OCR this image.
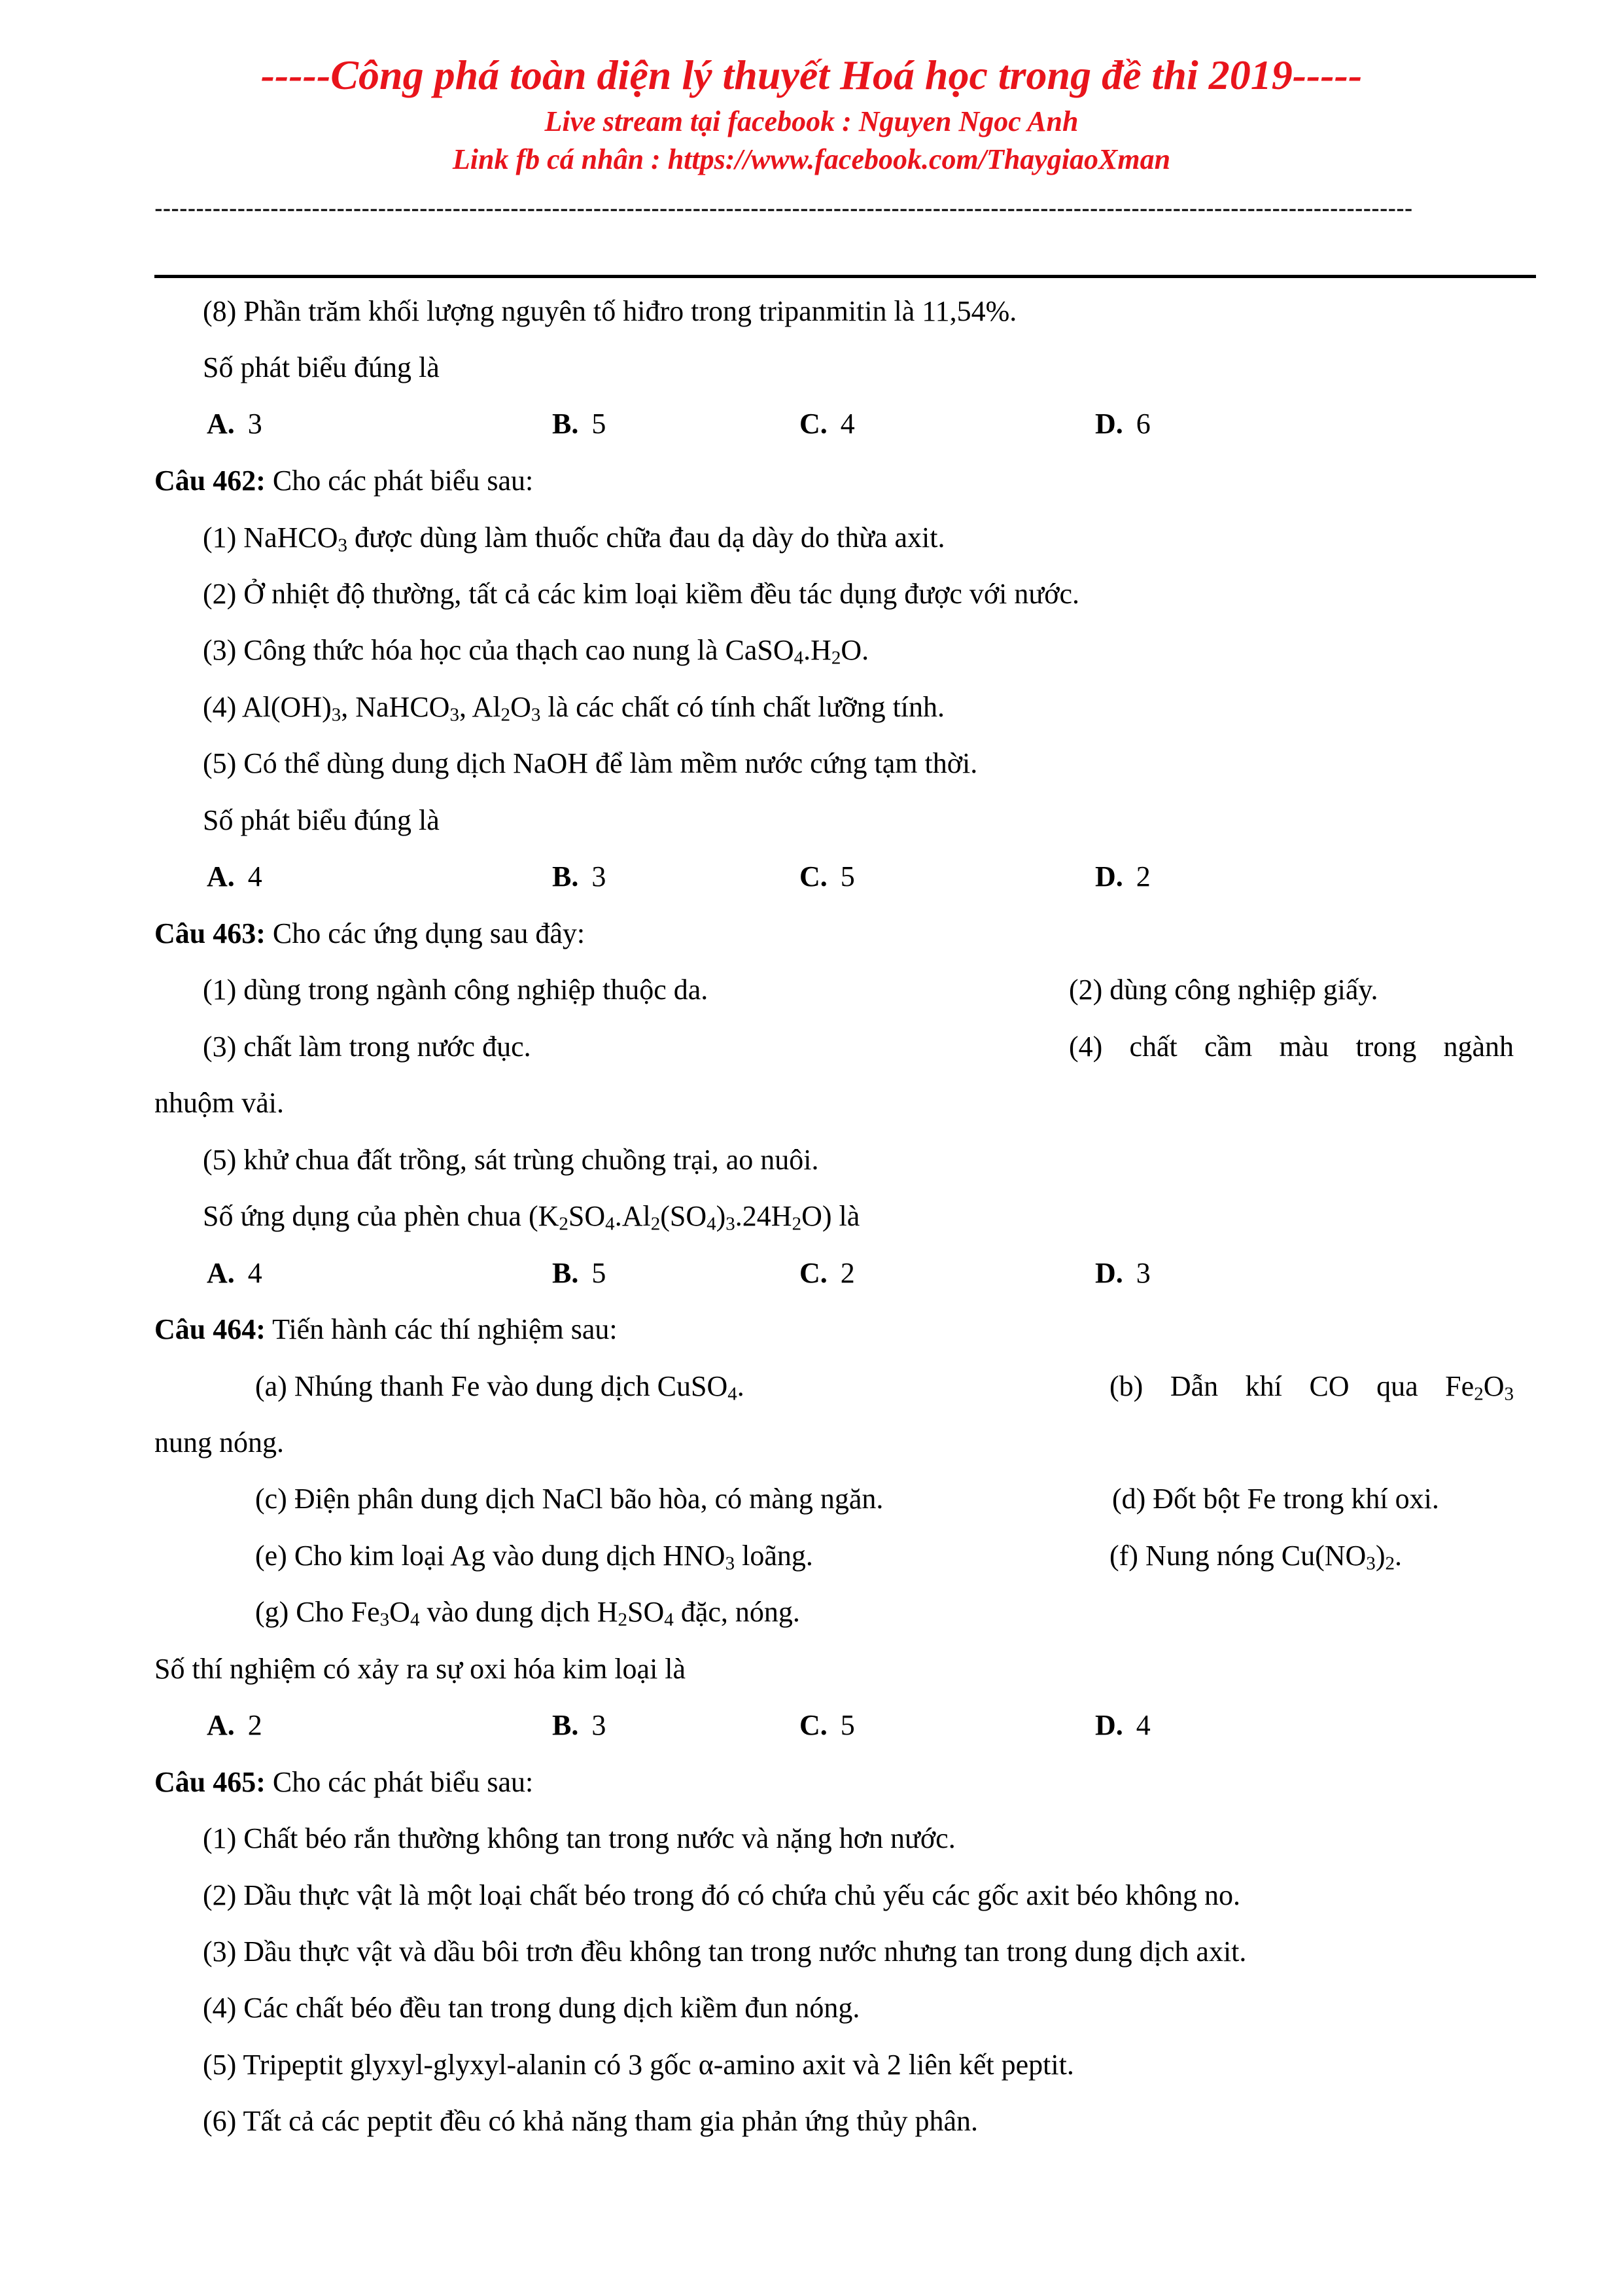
-----Công phá toàn diện lý thuyết Hoá học trong đề thi 2019-----
Live stream tại facebook : Nguyen Ngoc Anh
Link fb cá nhân : https://www.facebook.com/ThaygiaoXman
--------------------------------------------------------------------------------------------------------------------------------------------------------
(8) Phần trăm khối lượng nguyên tố hiđro trong tripanmitin là 11,54%.
Số phát biểu đúng là
A. 3	B. 5	C. 4	D. 6
Câu 462: Cho các phát biểu sau:
(1) NaHCO$_3$ được dùng làm thuốc chữa đau dạ dày do thừa axit.
(2) Ở nhiệt độ thường, tất cả các kim loại kiềm đều tác dụng được với nước.
(3) Công thức hóa học của thạch cao nung là $CaSO_4.H_2O$.
(4) $Al(OH)_3$, NaHCO$_3$, $Al_2O_3$ là các chất có tính chất lưỡng tính.
(5) Có thể dùng dung dịch NaOH để làm mềm nước cứng tạm thời.
Số phát biểu đúng là
A. 4	B. 3	C. 5	D. 2
Câu 463: Cho các ứng dụng sau đây:
(1) dùng trong ngành công nghiệp thuộc da.	(2) dùng công nghiệp giấy.
(3) chất làm trong nước đục.	(4) chất cầm màu trong ngành
nhuộm vải.
(5) khử chua đất trồng, sát trùng chuồng trại, ao nuôi.
Số ứng dụng của phèn chua $(K_2SO_4.Al_2(SO_4)_3.24H_2O)$ là
A. 4	B. 5	C. 2	D. 3
Câu 464: Tiến hành các thí nghiệm sau:
(a) Nhúng thanh Fe vào dung dịch CuSO$_4$.	(b) Dẫn khí CO qua $Fe_2O_3$
nung nóng.
(c) Điện phân dung dịch NaCl bão hòa, có màng ngăn.	(d) Đốt bột Fe trong khí oxi.
(e) Cho kim loại Ag vào dung dịch $HNO_3$ loãng.	(f) Nung nóng $Cu(NO_3)_2$.
(g) Cho $Fe_3O_4$ vào dung dịch $H_2SO_4$ đặc, nóng.
Số thí nghiệm có xảy ra sự oxi hóa kim loại là
A. 2	B. 3	C. 5	D. 4
Câu 465: Cho các phát biểu sau:
(1) Chất béo rắn thường không tan trong nước và nặng hơn nước.
(2) Dầu thực vật là một loại chất béo trong đó có chứa chủ yếu các gốc axit béo không no.
(3) Dầu thực vật và dầu bôi trơn đều không tan trong nước nhưng tan trong dung dịch axit.
(4) Các chất béo đều tan trong dung dịch kiềm đun nóng.
(5) Tripeptit glyxyl-glyxyl-alanin có 3 gốc α-amino axit và 2 liên kết peptit.
(6) Tất cả các peptit đều có khả năng tham gia phản ứng thủy phân.
